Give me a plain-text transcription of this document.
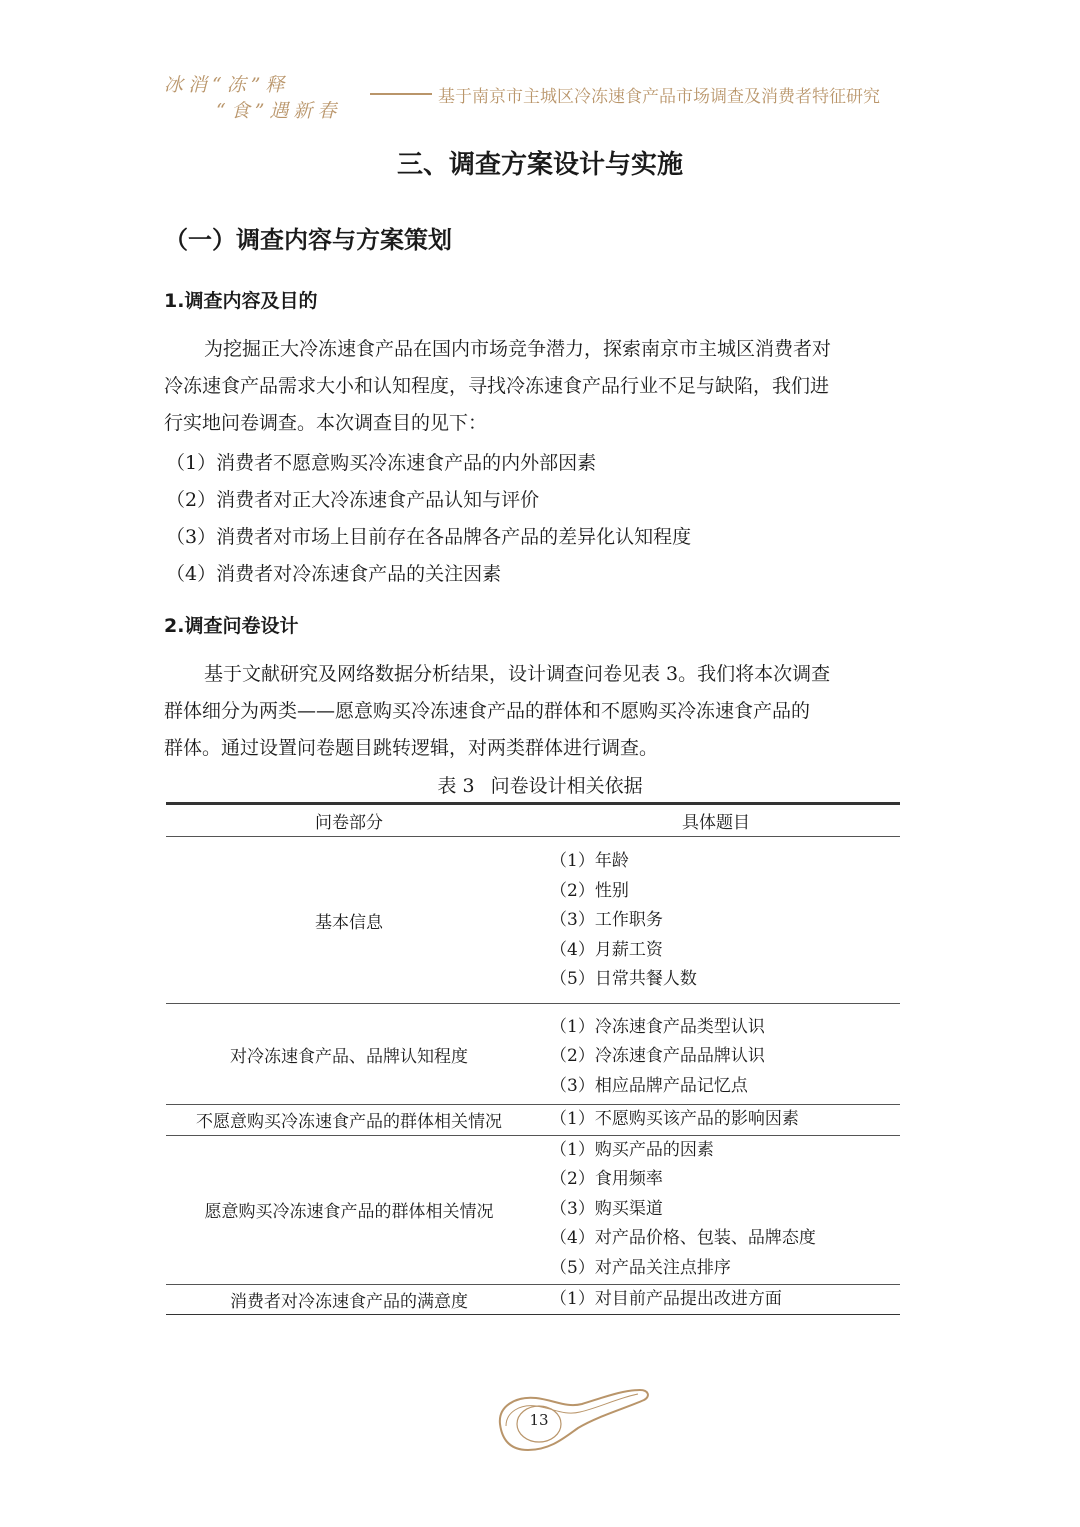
冰消“冻”释
“食”遇新春
基于南京市主城区冷冻速食产品市场调查及消费者特征研究
三、调查方案设计与实施
（一）调查内容与方案策划
1.调查内容及目的
为挖掘正大冷冻速食产品在国内市场竞争潜力，探索南京市主城区消费者对
冷冻速食产品需求大小和认知程度，寻找冷冻速食产品行业不足与缺陷，我们进
行实地问卷调查。本次调查目的见下：
（1）消费者不愿意购买冷冻速食产品的内外部因素
（2）消费者对正大冷冻速食产品认知与评价
（3）消费者对市场上目前存在各品牌各产品的差异化认知程度
（4）消费者对冷冻速食产品的关注因素
2.调查问卷设计
基于文献研究及网络数据分析结果，设计调查问卷见表 3。我们将本次调查
群体细分为两类——愿意购买冷冻速食产品的群体和不愿购买冷冻速食产品的
群体。通过设置问卷题目跳转逻辑，对两类群体进行调查。
表 3 问卷设计相关依据
问卷部分	具体题目
基本信息	（1）年龄
（2）性别
（3）工作职务
（4）月薪工资
（5）日常共餐人数

对冷冻速食产品、品牌认知程度	（1）冷冻速食产品类型认识
（2）冷冻速食产品品牌认识
（3）相应品牌产品记忆点

不愿意购买冷冻速食产品的群体相关情况	（1）不愿购买该产品的影响因素

愿意购买冷冻速食产品的群体相关情况	（1）购买产品的因素
（2）食用频率
（3）购买渠道
（4）对产品价格、包装、品牌态度
（5）对产品关注点排序

消费者对冷冻速食产品的满意度	（1）对目前产品提出改进方面
13
